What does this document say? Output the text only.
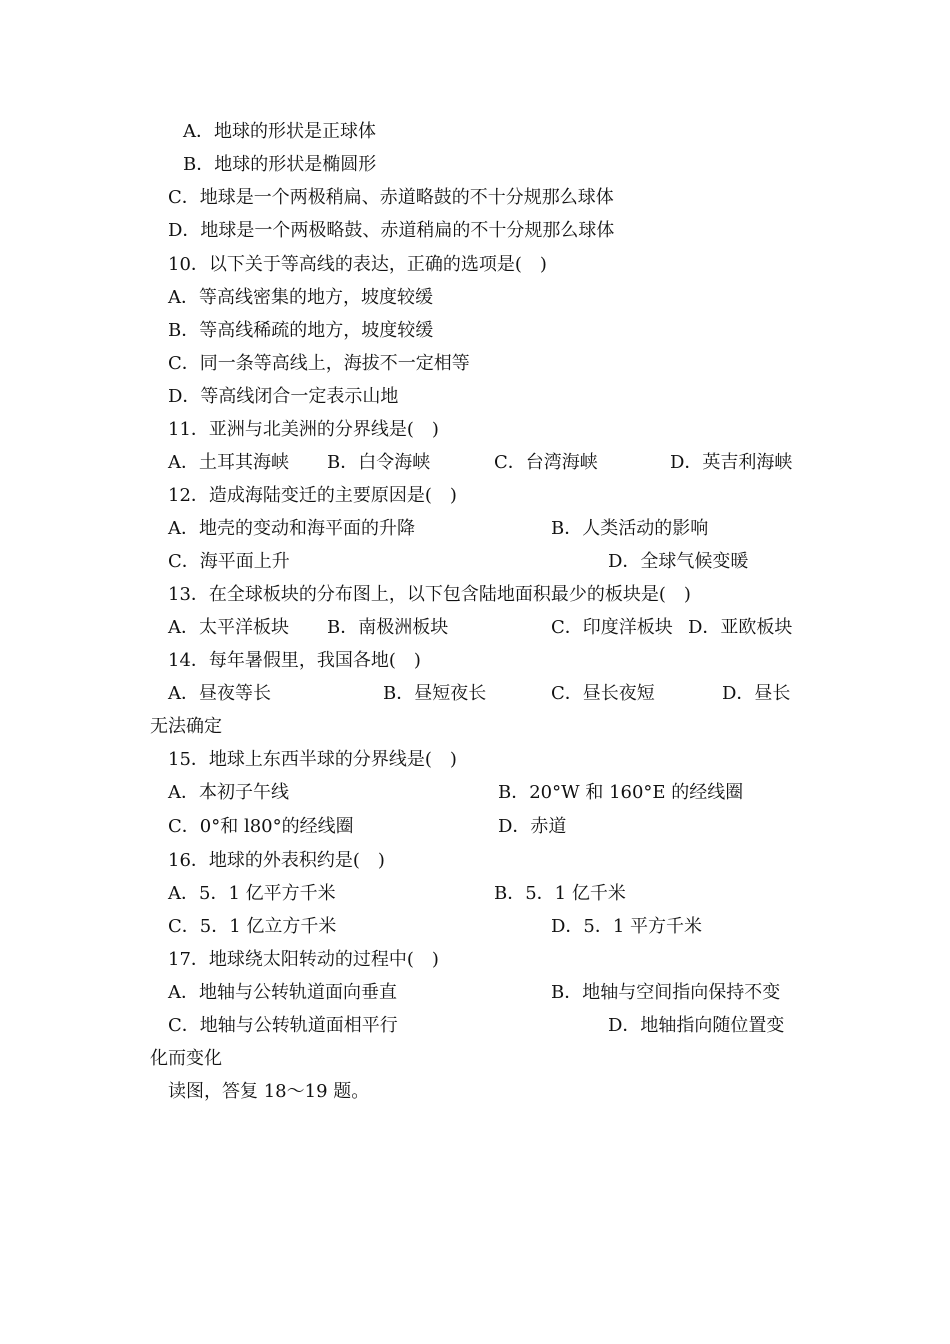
A．地球的形状是正球体
B．地球的形状是椭圆形
C．地球是一个两极稍扁、赤道略鼓的不十分规那么球体
D．地球是一个两极略鼓、赤道稍扁的不十分规那么球体
10．以下关于等高线的表达，正确的选项是(　)
A．等高线密集的地方，坡度较缓
B．等高线稀疏的地方，坡度较缓
C．同一条等高线上，海拔不一定相等
D．等高线闭合一定表示山地
11．亚洲与北美洲的分界线是(　)
A．土耳其海峡 B．白令海峡	C．台湾海峡	D．英吉利海峡
12．造成海陆变迁的主要原因是(　)
A．地壳的变动和海平面的升降	B．人类活动的影响
C．海平面上升	D．全球气候变暖
13．在全球板块的分布图上，以下包含陆地面积最少的板块是(　)
A．太平洋板块 B．南极洲板块	C．印度洋板块 D．亚欧板块
14．每年暑假里，我国各地(　)
A．昼夜等长	B．昼短夜长	C．昼长夜短	D．昼长
无法确定
15．地球上东西半球的分界线是(　)
A．本初子午线	B．20°W 和 160°E 的经线圈
C．0°和 l80°的经线圈	D．赤道
16．地球的外表积约是(　)
A．5．1 亿平方千米	B．5．1 亿千米
C．5．1 亿立方千米	D．5．1 平方千米
17．地球绕太阳转动的过程中(　)
A．地轴与公转轨道面向垂直	B．地轴与空间指向保持不变
C．地轴与公转轨道面相平行	D．地轴指向随位置变
化而变化
读图，答复 18～19 题。
